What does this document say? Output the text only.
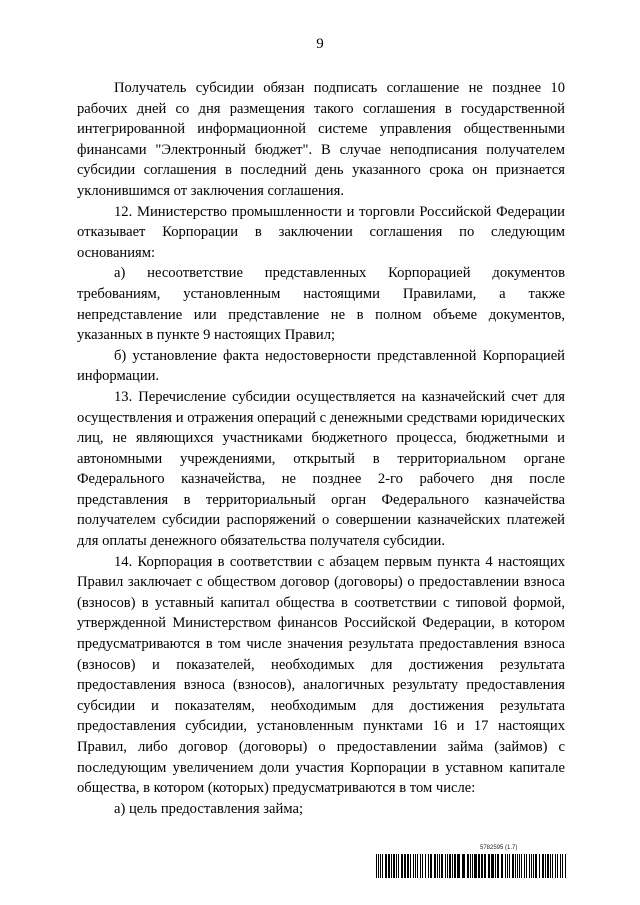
9

Получатель субсидии обязан подписать соглашение не позднее 10 рабочих дней со дня размещения такого соглашения в государственной интегрированной информационной системе управления общественными финансами "Электронный бюджет". В случае неподписания получателем субсидии соглашения в последний день указанного срока он признается уклонившимся от заключения соглашения.

12. Министерство промышленности и торговли Российской Федерации отказывает Корпорации в заключении соглашения по следующим основаниям:

а) несоответствие представленных Корпорацией документов требованиям, установленным настоящими Правилами, а также непредставление или представление не в полном объеме документов, указанных в пункте 9 настоящих Правил;

б) установление факта недостоверности представленной Корпорацией информации.

13. Перечисление субсидии осуществляется на казначейский счет для осуществления и отражения операций с денежными средствами юридических лиц, не являющихся участниками бюджетного процесса, бюджетными и автономными учреждениями, открытый в территориальном органе Федерального казначейства, не позднее 2-го рабочего дня после представления в территориальный орган Федерального казначейства получателем субсидии распоряжений о совершении казначейских платежей для оплаты денежного обязательства получателя субсидии.

14. Корпорация в соответствии с абзацем первым пункта 4 настоящих Правил заключает с обществом договор (договоры) о предоставлении взноса (взносов) в уставный капитал общества в соответствии с типовой формой, утвержденной Министерством финансов Российской Федерации, в котором предусматриваются в том числе значения результата предоставления взноса (взносов) и показателей, необходимых для достижения результата предоставления взноса (взносов), аналогичных результату предоставления субсидии и показателям, необходимым для достижения результата предоставления субсидии, установленным пунктами 16 и 17 настоящих Правил, либо договор (договоры) о предоставлении займа (займов) с последующим увеличением доли участия Корпорации в уставном капитале общества, в котором (которых) предусматриваются в том числе:

а) цель предоставления займа;

5782595 (1.7)
